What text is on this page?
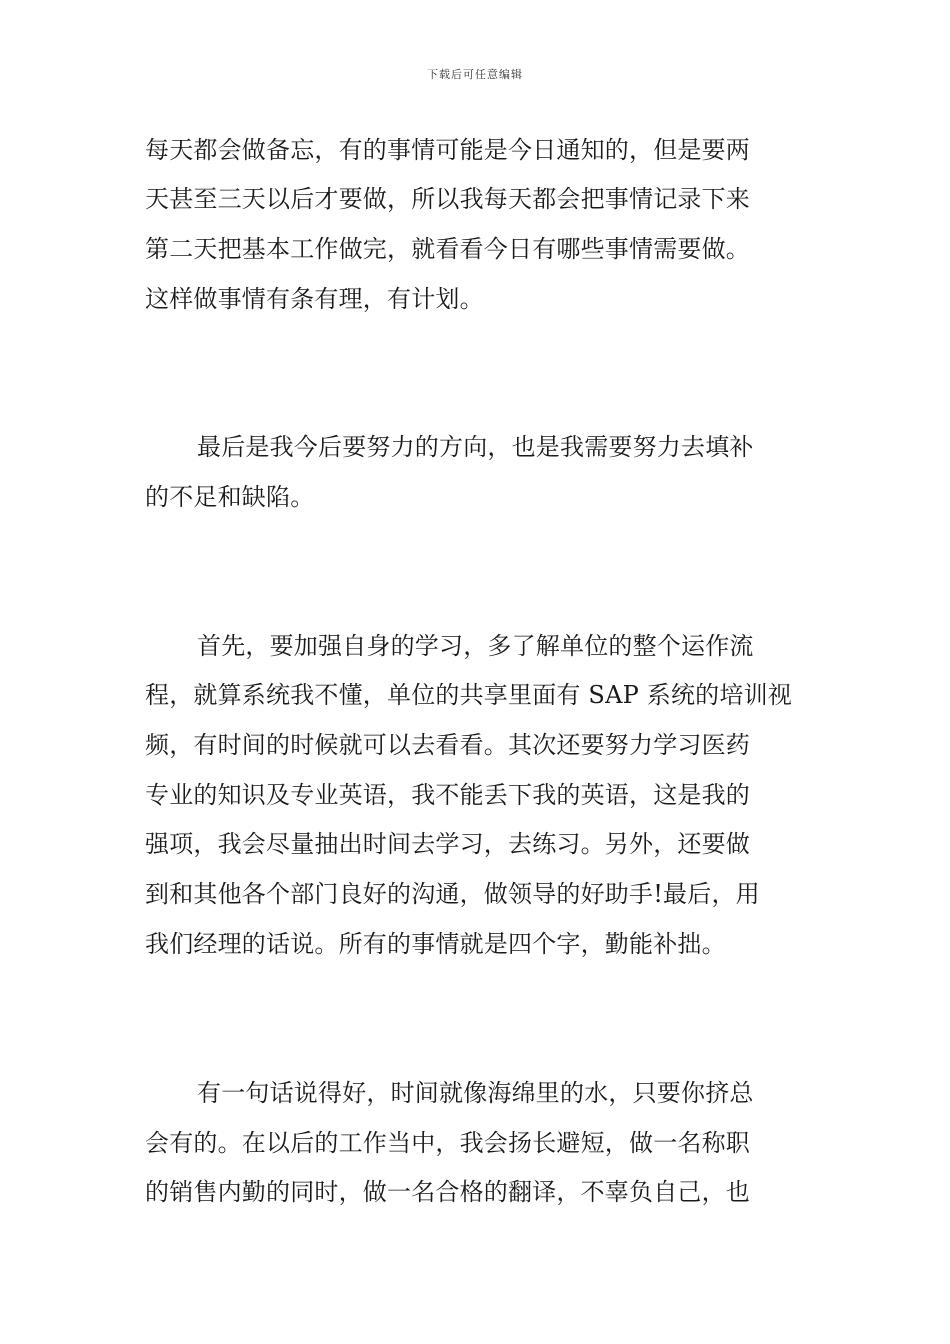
下载后可任意编辑
每天都会做备忘，有的事情可能是今日通知的，但是要两
天甚至三天以后才要做，所以我每天都会把事情记录下来
第二天把基本工作做完，就看看今日有哪些事情需要做。
这样做事情有条有理，有计划。
最后是我今后要努力的方向，也是我需要努力去填补
的不足和缺陷。
首先，要加强自身的学习，多了解单位的整个运作流
程，就算系统我不懂，单位的共享里面有 SAP 系统的培训视
频，有时间的时候就可以去看看。其次还要努力学习医药
专业的知识及专业英语，我不能丢下我的英语，这是我的
强项，我会尽量抽出时间去学习，去练习。另外，还要做
到和其他各个部门良好的沟通，做领导的好助手!最后，用
我们经理的话说。所有的事情就是四个字，勤能补拙。
有一句话说得好，时间就像海绵里的水，只要你挤总
会有的。在以后的工作当中，我会扬长避短，做一名称职
的销售内勤的同时，做一名合格的翻译，不辜负自己，也
